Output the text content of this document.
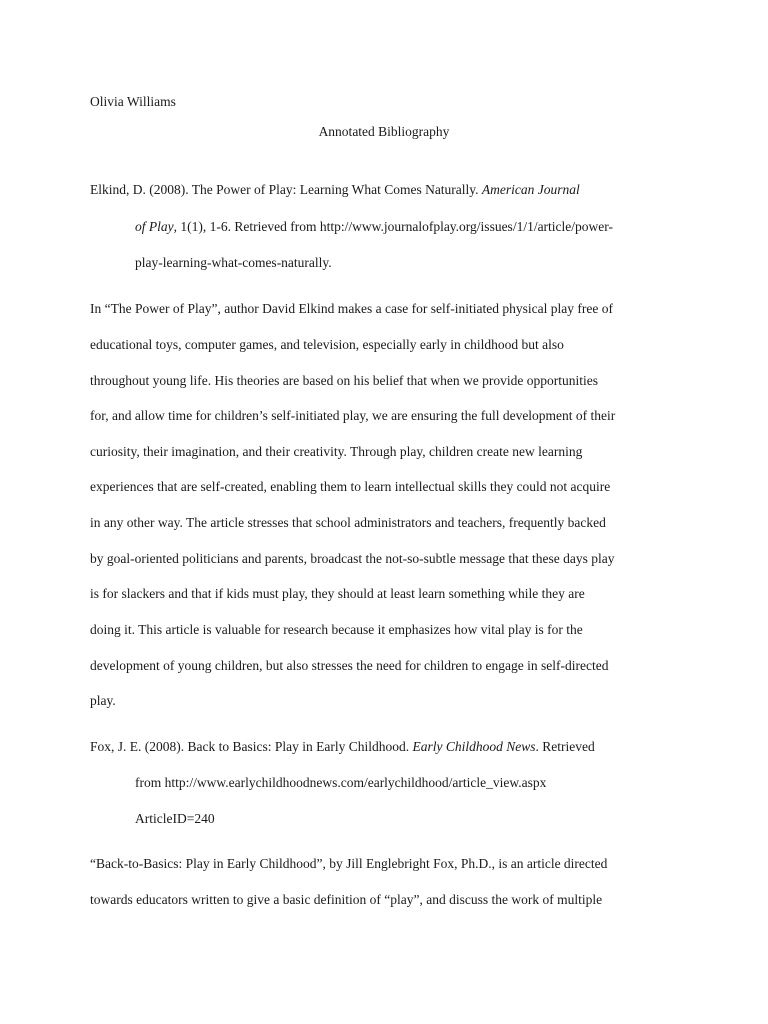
Olivia Williams
Annotated Bibliography
Elkind, D. (2008). The Power of Play: Learning What Comes Naturally. American Journal
of Play, 1(1), 1-6. Retrieved from http://www.journalofplay.org/issues/1/1/article/power-
play-learning-what-comes-naturally.
In “The Power of Play”, author David Elkind makes a case for self-initiated physical play free of
educational toys, computer games, and television, especially early in childhood but also
throughout young life. His theories are based on his belief that when we provide opportunities
for, and allow time for children’s self-initiated play, we are ensuring the full development of their
curiosity, their imagination, and their creativity. Through play, children create new learning
experiences that are self-created, enabling them to learn intellectual skills they could not acquire
in any other way. The article stresses that school administrators and teachers, frequently backed
by goal-oriented politicians and parents, broadcast the not-so-subtle message that these days play
is for slackers and that if kids must play, they should at least learn something while they are
doing it. This article is valuable for research because it emphasizes how vital play is for the
development of young children, but also stresses the need for children to engage in self-directed
play.
Fox, J. E. (2008). Back to Basics: Play in Early Childhood. Early Childhood News. Retrieved
from http://www.earlychildhoodnews.com/earlychildhood/article_view.aspx
ArticleID=240
“Back-to-Basics: Play in Early Childhood”, by Jill Englebright Fox, Ph.D., is an article directed
towards educators written to give a basic definition of “play”, and discuss the work of multiple
